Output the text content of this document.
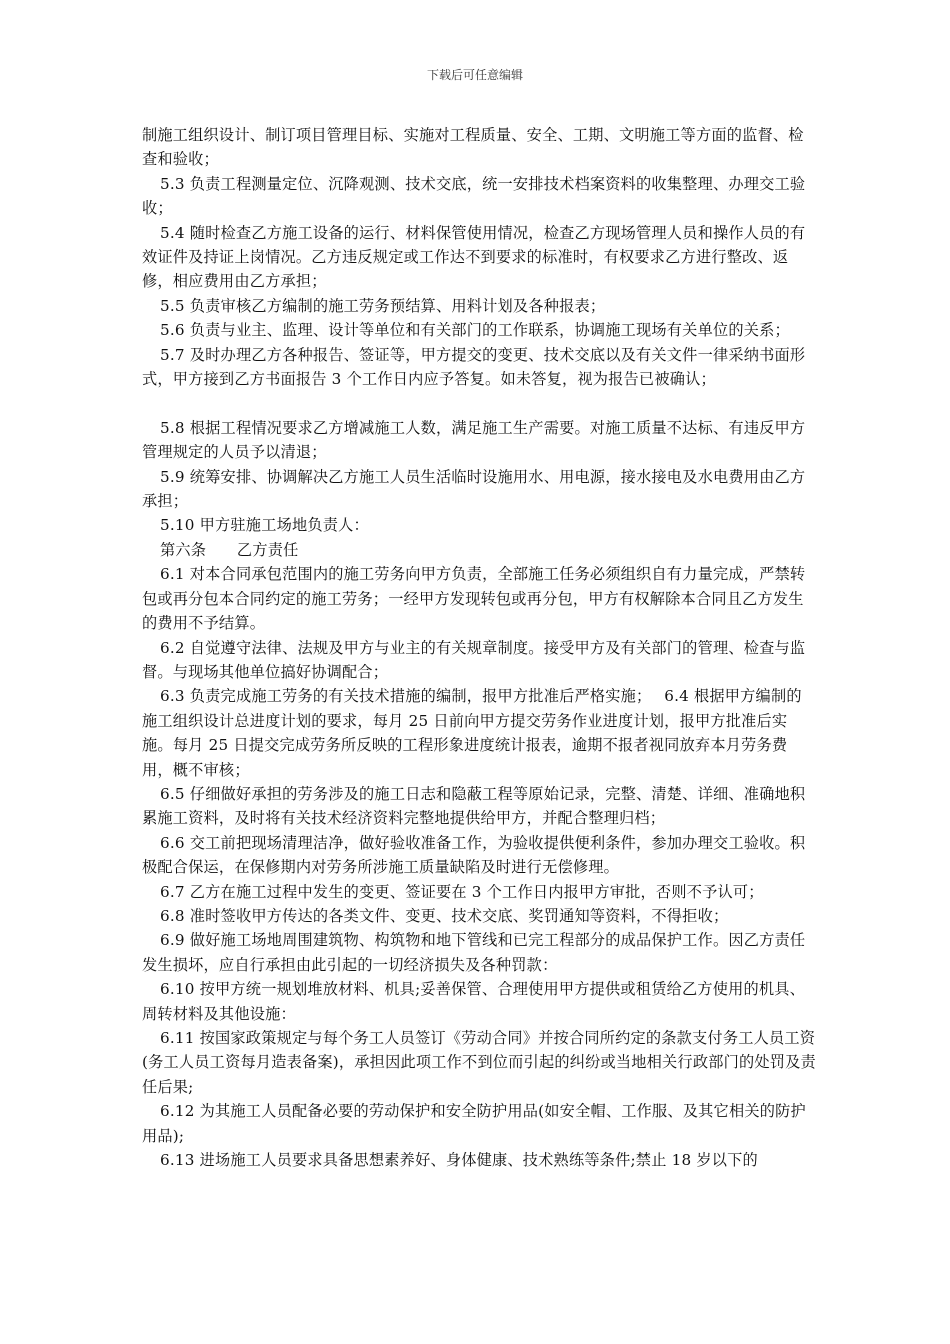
下载后可任意编辑

制施工组织设计、制订项目管理目标、实施对工程质量、安全、工期、文明施工等方面的监督、检查和验收；

5.3 负责工程测量定位、沉降观测、技术交底，统一安排技术档案资料的收集整理、办理交工验收；

5.4 随时检查乙方施工设备的运行、材料保管使用情况，检查乙方现场管理人员和操作人员的有效证件及持证上岗情况。乙方违反规定或工作达不到要求的标准时，有权要求乙方进行整改、返修，相应费用由乙方承担；

5.5 负责审核乙方编制的施工劳务预结算、用料计划及各种报表；

5.6 负责与业主、监理、设计等单位和有关部门的工作联系，协调施工现场有关单位的关系；

5.7 及时办理乙方各种报告、签证等，甲方提交的变更、技术交底以及有关文件一律采纳书面形式，甲方接到乙方书面报告 3 个工作日内应予答复。如未答复，视为报告已被确认；

5.8 根据工程情况要求乙方增减施工人数，满足施工生产需要。对施工质量不达标、有违反甲方管理规定的人员予以清退；

5.9 统筹安排、协调解决乙方施工人员生活临时设施用水、用电源，接水接电及水电费用由乙方承担；

5.10 甲方驻施工场地负责人：

第六条　　乙方责任

6.1 对本合同承包范围内的施工劳务向甲方负责，全部施工任务必须组织自有力量完成，严禁转包或再分包本合同约定的施工劳务；一经甲方发现转包或再分包，甲方有权解除本合同且乙方发生的费用不予结算。

6.2 自觉遵守法律、法规及甲方与业主的有关规章制度。接受甲方及有关部门的管理、检查与监督。与现场其他单位搞好协调配合；

6.3 负责完成施工劳务的有关技术措施的编制，报甲方批准后严格实施；　 6.4 根据甲方编制的施工组织设计总进度计划的要求，每月 25 日前向甲方提交劳务作业进度计划，报甲方批准后实施。每月 25 日提交完成劳务所反映的工程形象进度统计报表，逾期不报者视同放弃本月劳务费用，概不审核；

6.5 仔细做好承担的劳务涉及的施工日志和隐蔽工程等原始记录，完整、清楚、详细、准确地积累施工资料，及时将有关技术经济资料完整地提供给甲方，并配合整理归档；

6.6 交工前把现场清理洁净，做好验收准备工作，为验收提供便利条件，参加办理交工验收。积极配合保运，在保修期内对劳务所涉施工质量缺陷及时进行无偿修理。

6.7 乙方在施工过程中发生的变更、签证要在 3 个工作日内报甲方审批，否则不予认可；

6.8 准时签收甲方传达的各类文件、变更、技术交底、奖罚通知等资料，不得拒收；

6.9 做好施工场地周围建筑物、构筑物和地下管线和已完工程部分的成品保护工作。因乙方责任发生损坏，应自行承担由此引起的一切经济损失及各种罚款：

6.10 按甲方统一规划堆放材料、机具;妥善保管、合理使用甲方提供或租赁给乙方使用的机具、周转材料及其他设施：

6.11 按国家政策规定与每个务工人员签订《劳动合同》并按合同所约定的条款支付务工人员工资(务工人员工资每月造表备案)，承担因此项工作不到位而引起的纠纷或当地相关行政部门的处罚及责任后果;

6.12 为其施工人员配备必要的劳动保护和安全防护用品(如安全帽、工作服、及其它相关的防护用品);

6.13 进场施工人员要求具备思想素养好、身体健康、技术熟练等条件;禁止 18 岁以下的
